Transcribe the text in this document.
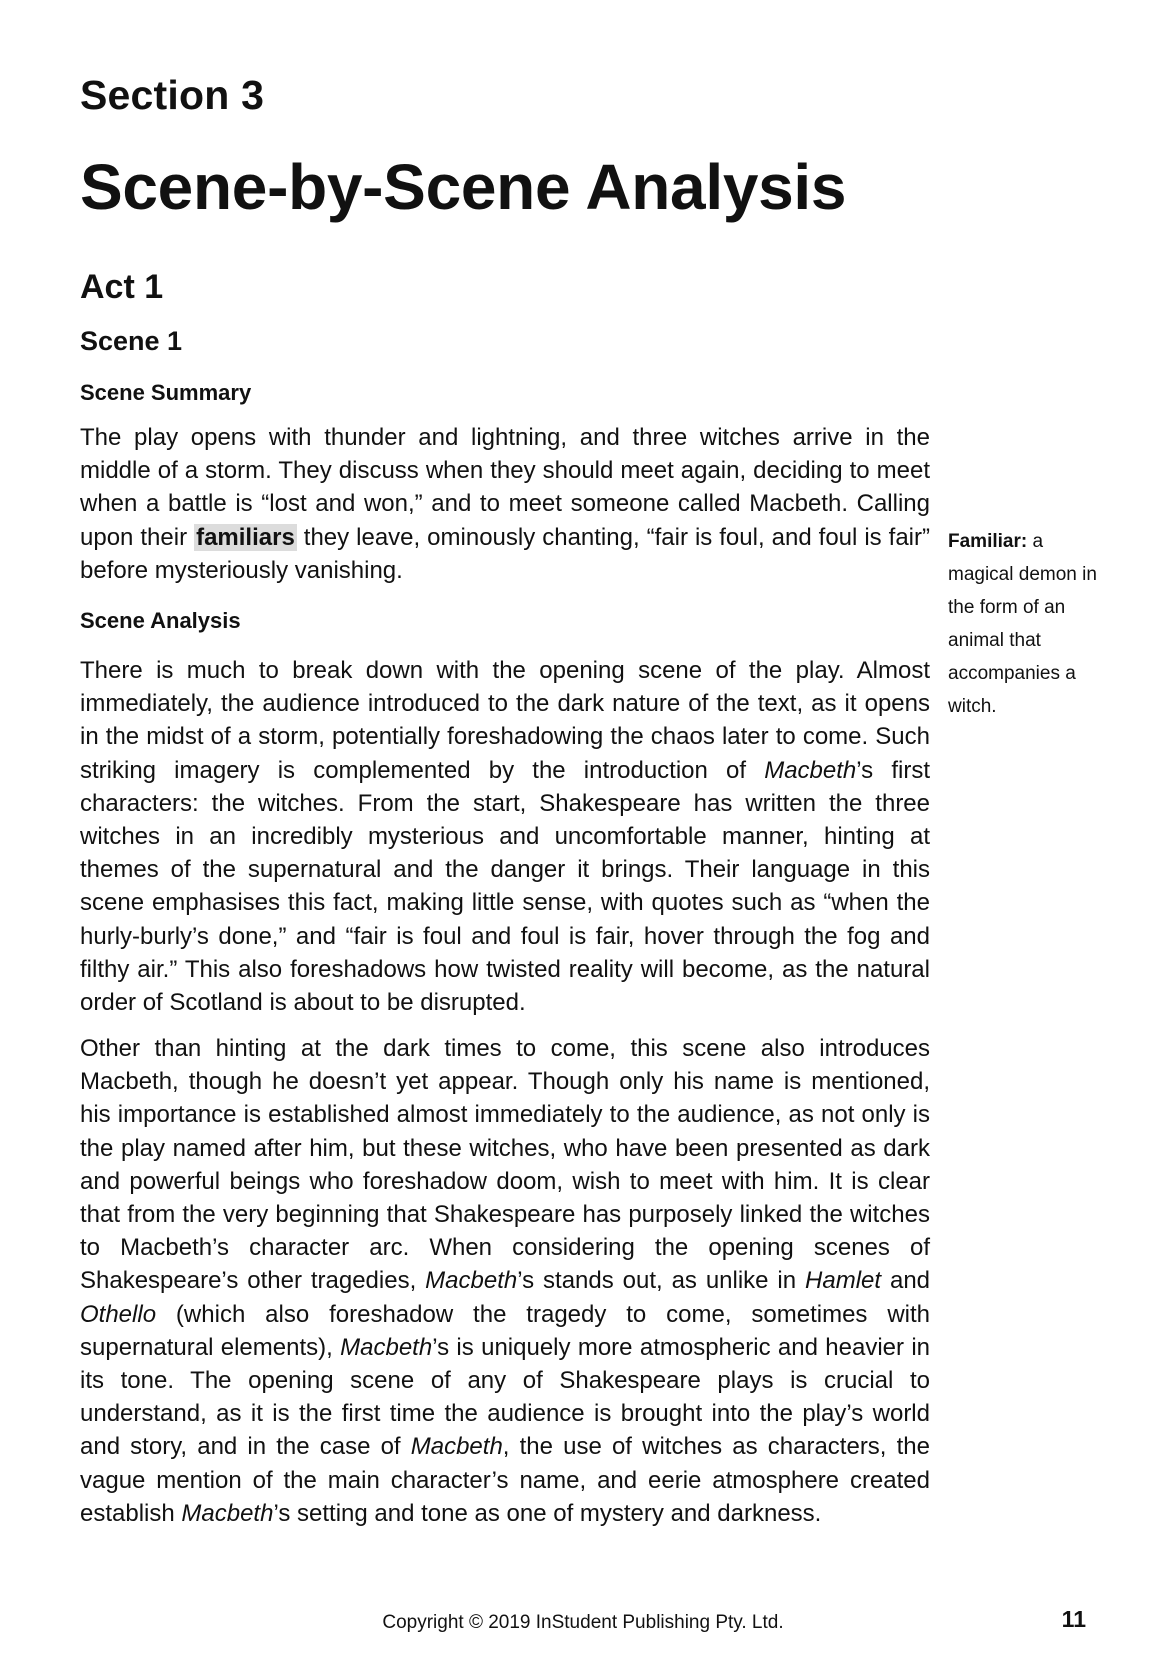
Section 3
Scene-by-Scene Analysis
Act 1
Scene 1
Scene Summary

The play opens with thunder and lightning, and three witches arrive in the middle of a storm. They discuss when they should meet again, deciding to meet when a battle is “lost and won,” and to meet someone called Macbeth. Calling upon their familiars they leave, ominously chanting, “fair is foul, and foul is fair” before mysteriously vanishing.

Familiar: a magical demon in the form of an animal that accompanies a witch.

Scene Analysis

There is much to break down with the opening scene of the play. Almost immediately, the audience introduced to the dark nature of the text, as it opens in the midst of a storm, potentially foreshadowing the chaos later to come. Such striking imagery is complemented by the introduction of Macbeth’s first characters: the witches. From the start, Shakespeare has written the three witches in an incredibly mysterious and uncomfortable manner, hinting at themes of the supernatural and the danger it brings. Their language in this scene emphasises this fact, making little sense, with quotes such as “when the hurly-burly’s done,” and “fair is foul and foul is fair, hover through the fog and filthy air.” This also foreshadows how twisted reality will become, as the natural order of Scotland is about to be disrupted.

Other than hinting at the dark times to come, this scene also introduces Macbeth, though he doesn’t yet appear. Though only his name is mentioned, his importance is established almost immediately to the audience, as not only is the play named after him, but these witches, who have been presented as dark and powerful beings who foreshadow doom, wish to meet with him. It is clear that from the very beginning that Shakespeare has purposely linked the witches to Macbeth’s character arc. When considering the opening scenes of Shakespeare’s other tragedies, Macbeth’s stands out, as unlike in Hamlet and Othello (which also foreshadow the tragedy to come, sometimes with supernatural elements), Macbeth’s is uniquely more atmospheric and heavier in its tone. The opening scene of any of Shakespeare plays is crucial to understand, as it is the first time the audience is brought into the play’s world and story, and in the case of Macbeth, the use of witches as characters, the vague mention of the main character’s name, and eerie atmosphere created establish Macbeth’s setting and tone as one of mystery and darkness.

Copyright © 2019 InStudent Publishing Pty. Ltd.	11
